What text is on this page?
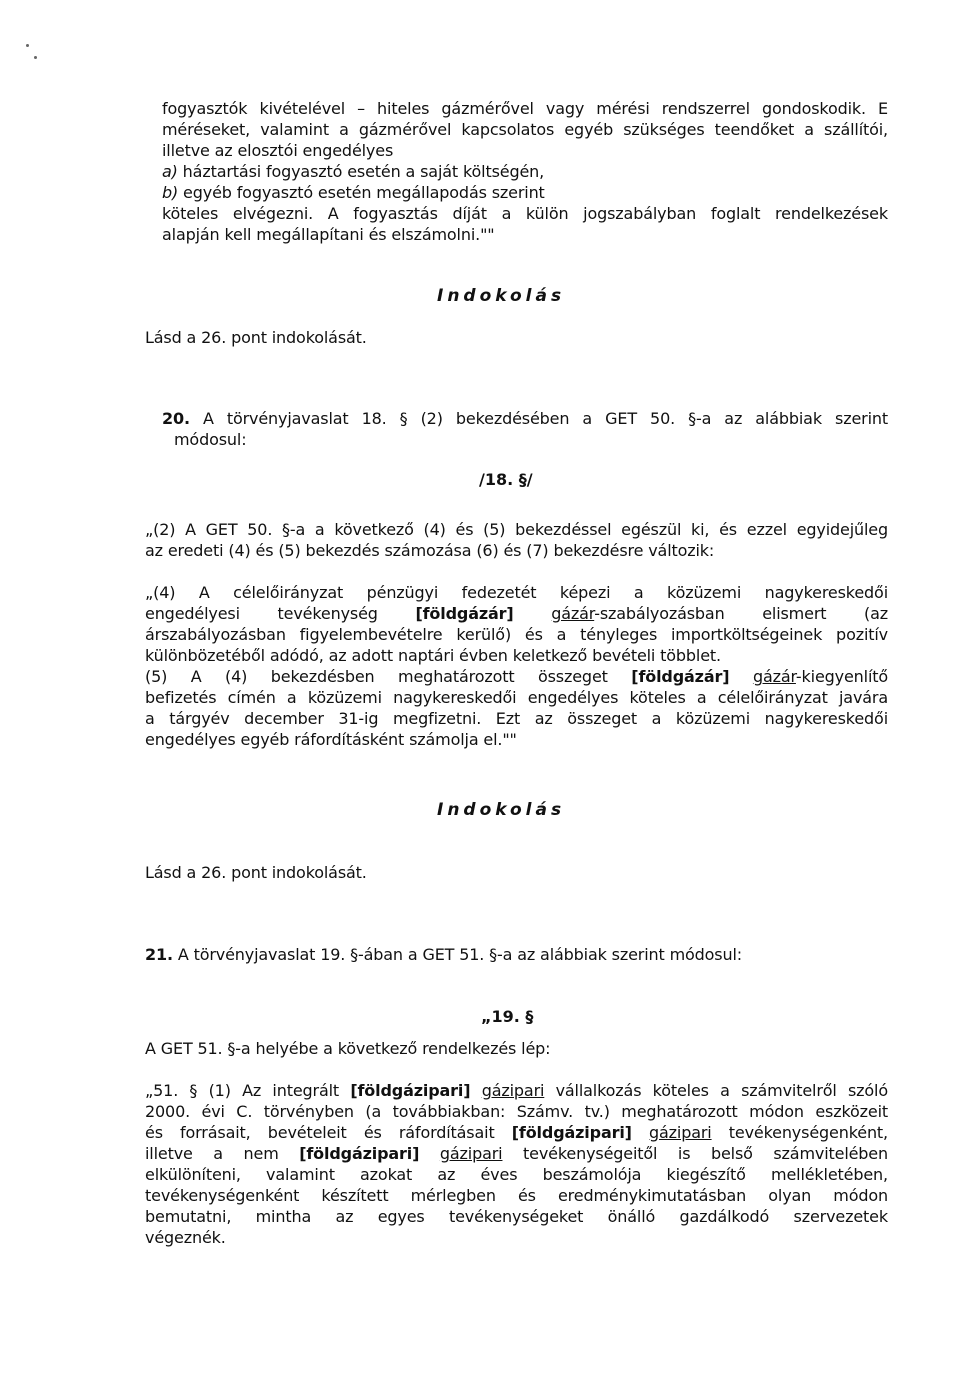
fogyasztók kivételével – hiteles gázmérővel vagy mérési rendszerrel gondoskodik. E
méréseket, valamint a gázmérővel kapcsolatos egyéb szükséges teendőket a szállítói,
illetve az elosztói engedélyes
a) háztartási fogyasztó esetén a saját költségén,
b) egyéb fogyasztó esetén megállapodás szerint
köteles elvégezni. A fogyasztás díját a külön jogszabályban foglalt rendelkezések
alapján kell megállapítani és elszámolni.""
Indokolás
Lásd a 26. pont indokolását.
20. A törvényjavaslat 18. § (2) bekezdésében a GET 50. §-a az alábbiak szerint
módosul:
/18. §/
„(2) A GET 50. §-a a következő (4) és (5) bekezdéssel egészül ki, és ezzel egyidejűleg
az eredeti (4) és (5) bekezdés számozása (6) és (7) bekezdésre változik:
„(4) A célelőirányzat pénzügyi fedezetét képezi a közüzemi nagykereskedői
engedélyesi tevékenység [földgázár] gázár-szabályozásban elismert (az
árszabályozásban figyelembevételre kerülő) és a tényleges importköltségeinek pozitív
különbözetéből adódó, az adott naptári évben keletkező bevételi többlet.
(5) A (4) bekezdésben meghatározott összeget [földgázár] gázár-kiegyenlítő
befizetés címén a közüzemi nagykereskedői engedélyes köteles a célelőirányzat javára
a tárgyév december 31-ig megfizetni. Ezt az összeget a közüzemi nagykereskedői
engedélyes egyéb ráfordításként számolja el.""
Indokolás
Lásd a 26. pont indokolását.
21. A törvényjavaslat 19. §-ában a GET 51. §-a az alábbiak szerint módosul:
„19. §
A GET 51. §-a helyébe a következő rendelkezés lép:
„51. § (1) Az integrált [földgázipari] gázipari vállalkozás köteles a számvitelről szóló
2000. évi C. törvényben (a továbbiakban: Számv. tv.) meghatározott módon eszközeit
és forrásait, bevételeit és ráfordításait [földgázipari] gázipari tevékenységenként,
illetve a nem [földgázipari] gázipari tevékenységeitől is belső számvitelében
elkülöníteni, valamint azokat az éves beszámolója kiegészítő mellékletében,
tevékenységenként készített mérlegben és eredménykimutatásban olyan módon
bemutatni, mintha az egyes tevékenységeket önálló gazdálkodó szervezetek
végeznék.
